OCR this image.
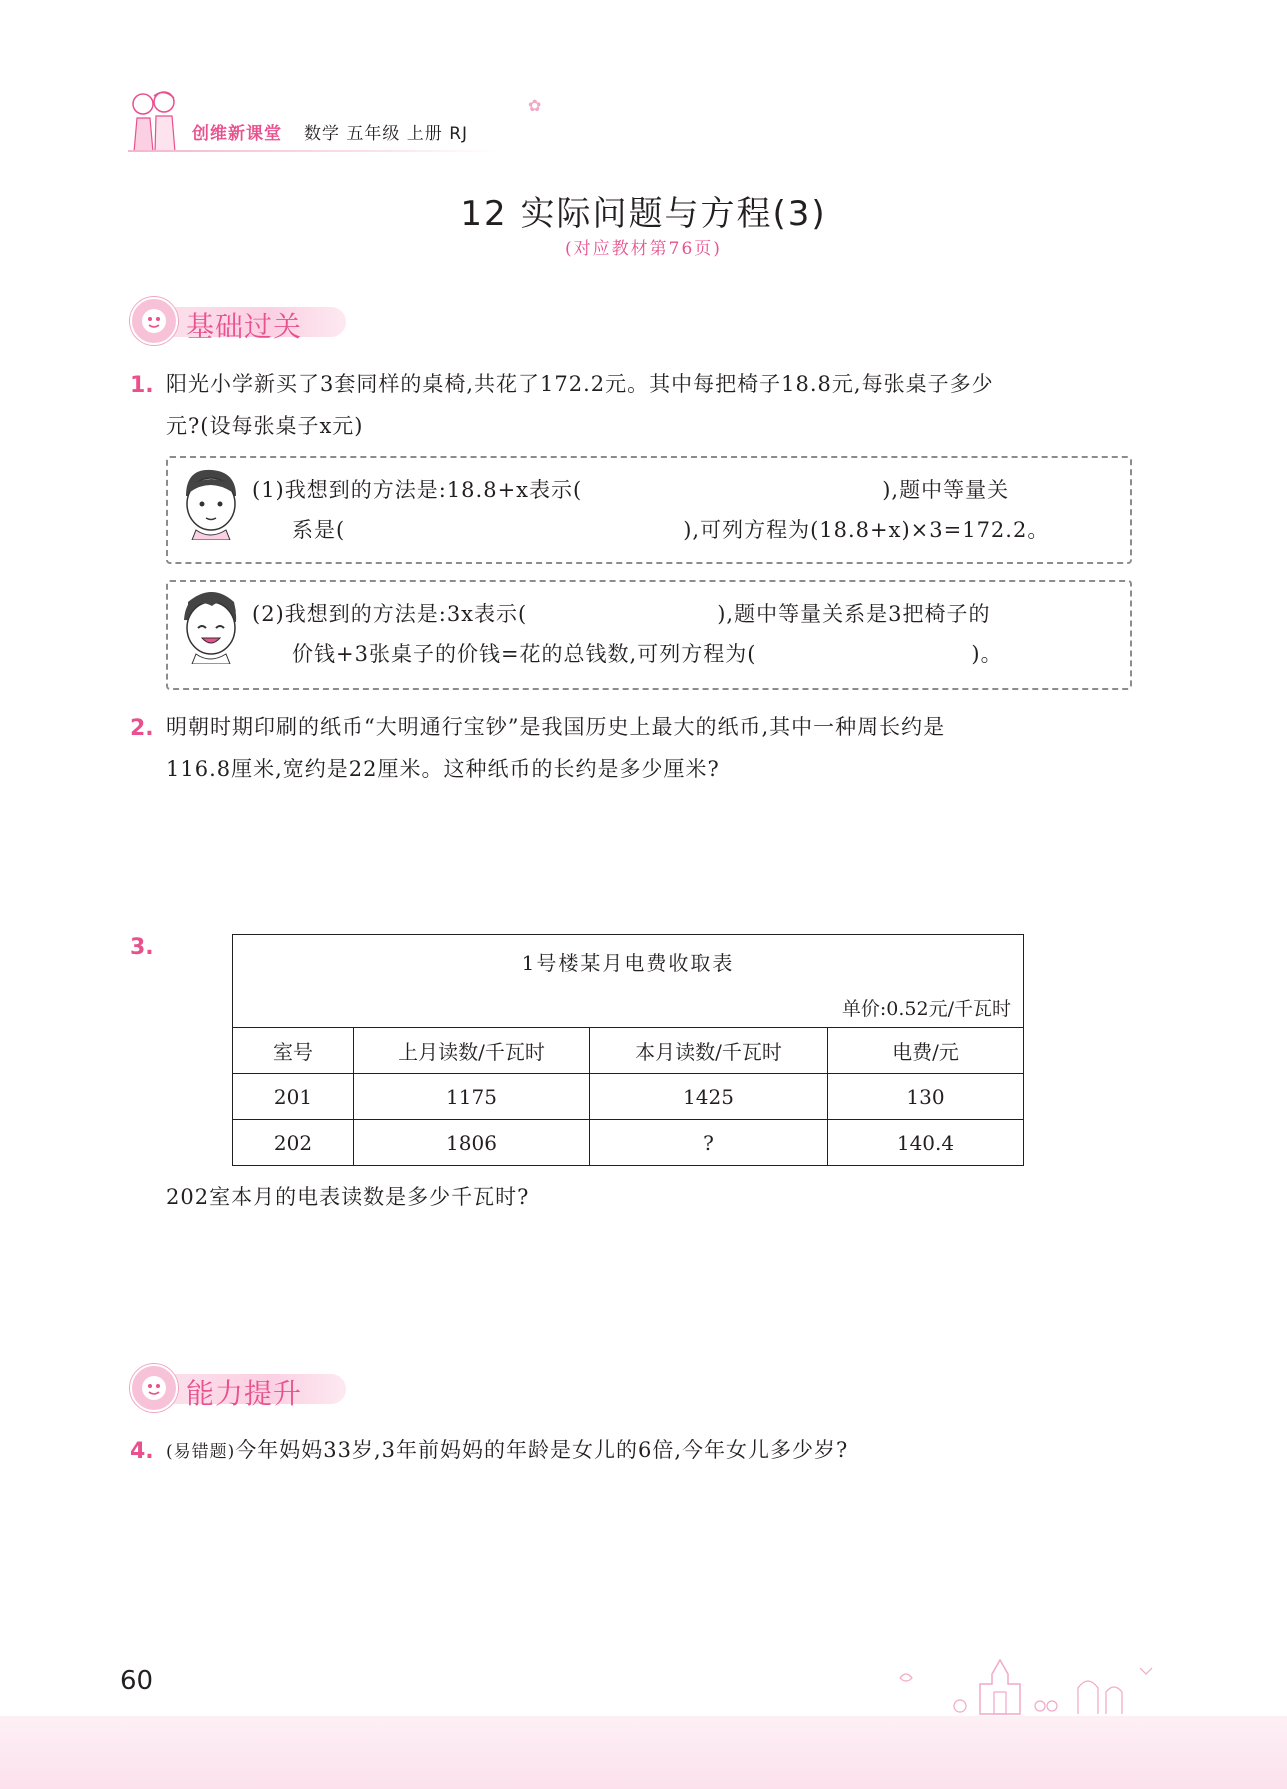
创维新课堂 数学 五年级 上册 RJ
✿
12 实际问题与方程(3)
(对应教材第76页)
基础过关
1. 阳光小学新买了3套同样的桌椅,共花了172.2元。其中每把椅子18.8元,每张桌子多少
元?(设每张桌子x元)
(1)我想到的方法是:18.8+x表示(	),题中等量关
系是(	),可列方程为(18.8+x)×3=172.2。
(2)我想到的方法是:3x表示(	),题中等量关系是3把椅子的
价钱+3张桌子的价钱=花的总钱数,可列方程为(	)。
2. 明朝时期印刷的纸币“大明通行宝钞”是我国历史上最大的纸币,其中一种周长约是
116.8厘米,宽约是22厘米。这种纸币的长约是多少厘米?
3.
1号楼某月电费收取表
单价:0.52元/千瓦时			

室号	上月读数/千瓦时	本月读数/千瓦时	电费/元
201	1175	1425	130
202	1806	?	140.4
202室本月的电表读数是多少千瓦时?
能力提升
4. (易错题)今年妈妈33岁,3年前妈妈的年龄是女儿的6倍,今年女儿多少岁?
60
